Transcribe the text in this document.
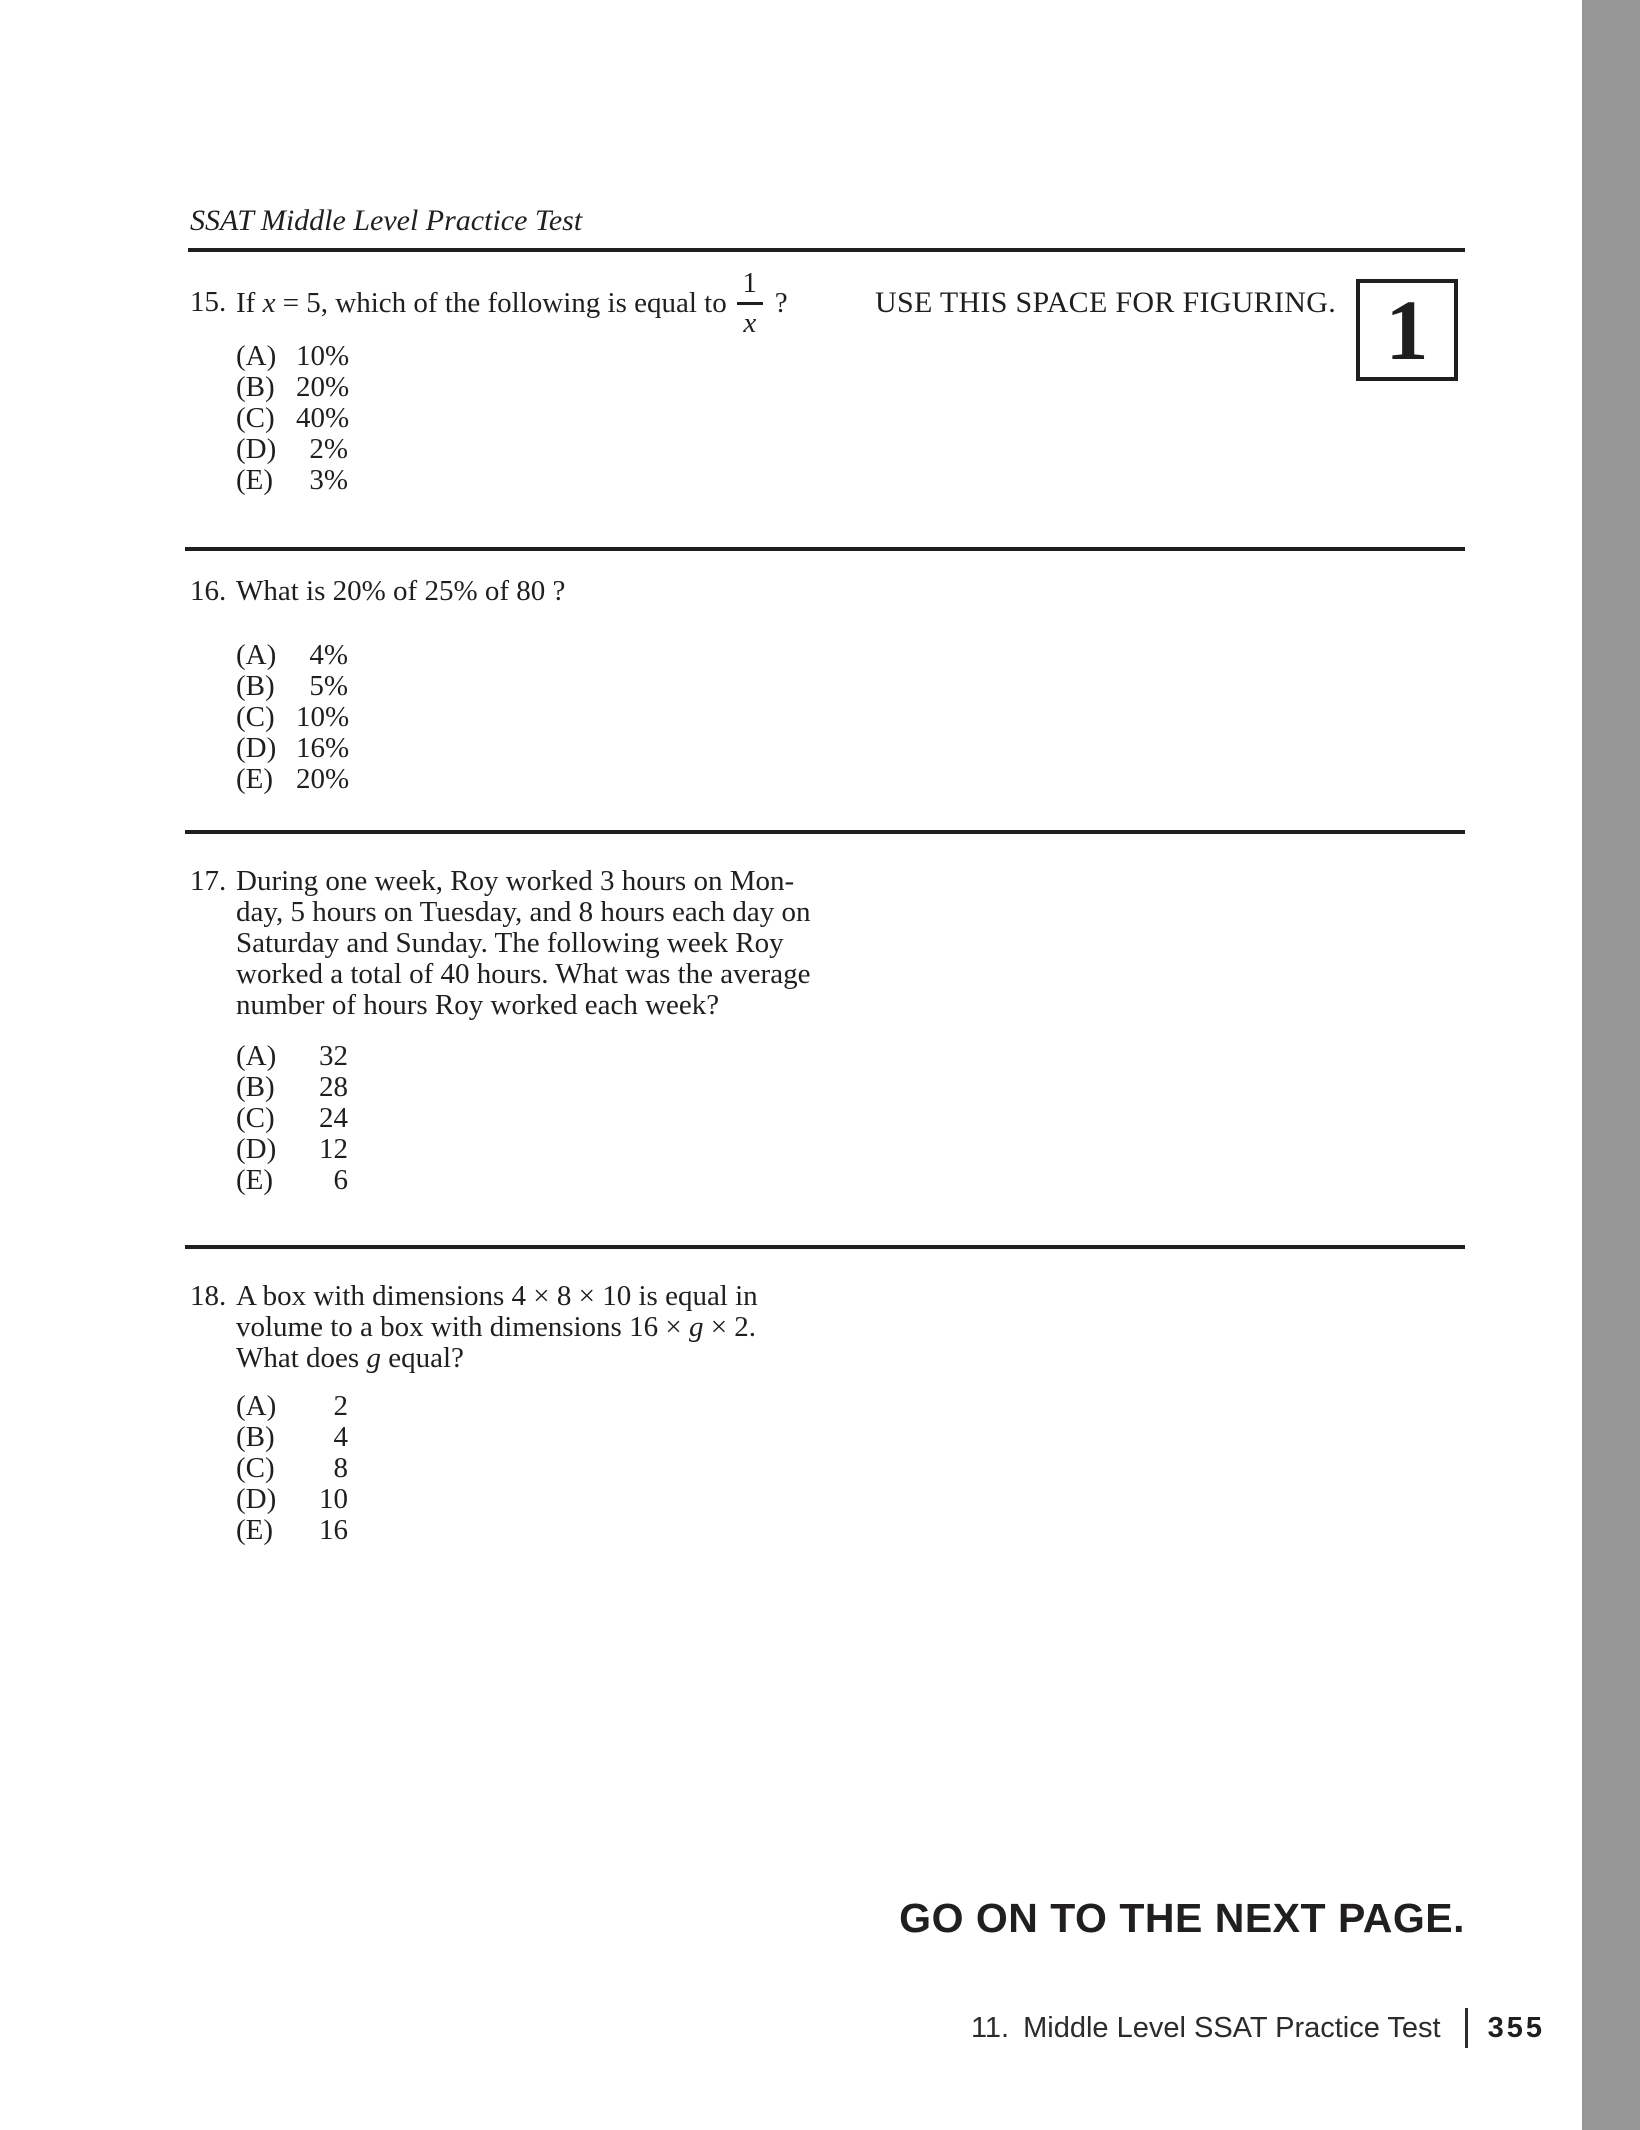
SSAT Middle Level Practice Test
15. If x = 5, which of the following is equal to $\frac{1}{x}$ ?
(A) 10%
(B) 20%
(C) 40%
(D)	2%
(E)	3%
USE THIS SPACE FOR FIGURING. 1
16. What is 20% of 25% of 80 ?
(A)	4%
(B)	5%
(C) 10%
(D) 16%
(E) 20%
17. During one week, Roy worked 3 hours on Mon-
day, 5 hours on Tuesday, and 8 hours each day on
Saturday and Sunday. The following week Roy
worked a total of 40 hours. What was the average
number of hours Roy worked each week?
(A)	32
(B)	28
(C)	24
(D)	12
(E)	6
18. A box with dimensions 4 × 8 × 10 is equal in
volume to a box with dimensions 16 × g × 2.
What does g equal?
(A)	2
(B)	4
(C)	8
(D)	10
(E)	16
GO ON TO THE NEXT PAGE.
11. Middle Level SSAT Practice Test 355
